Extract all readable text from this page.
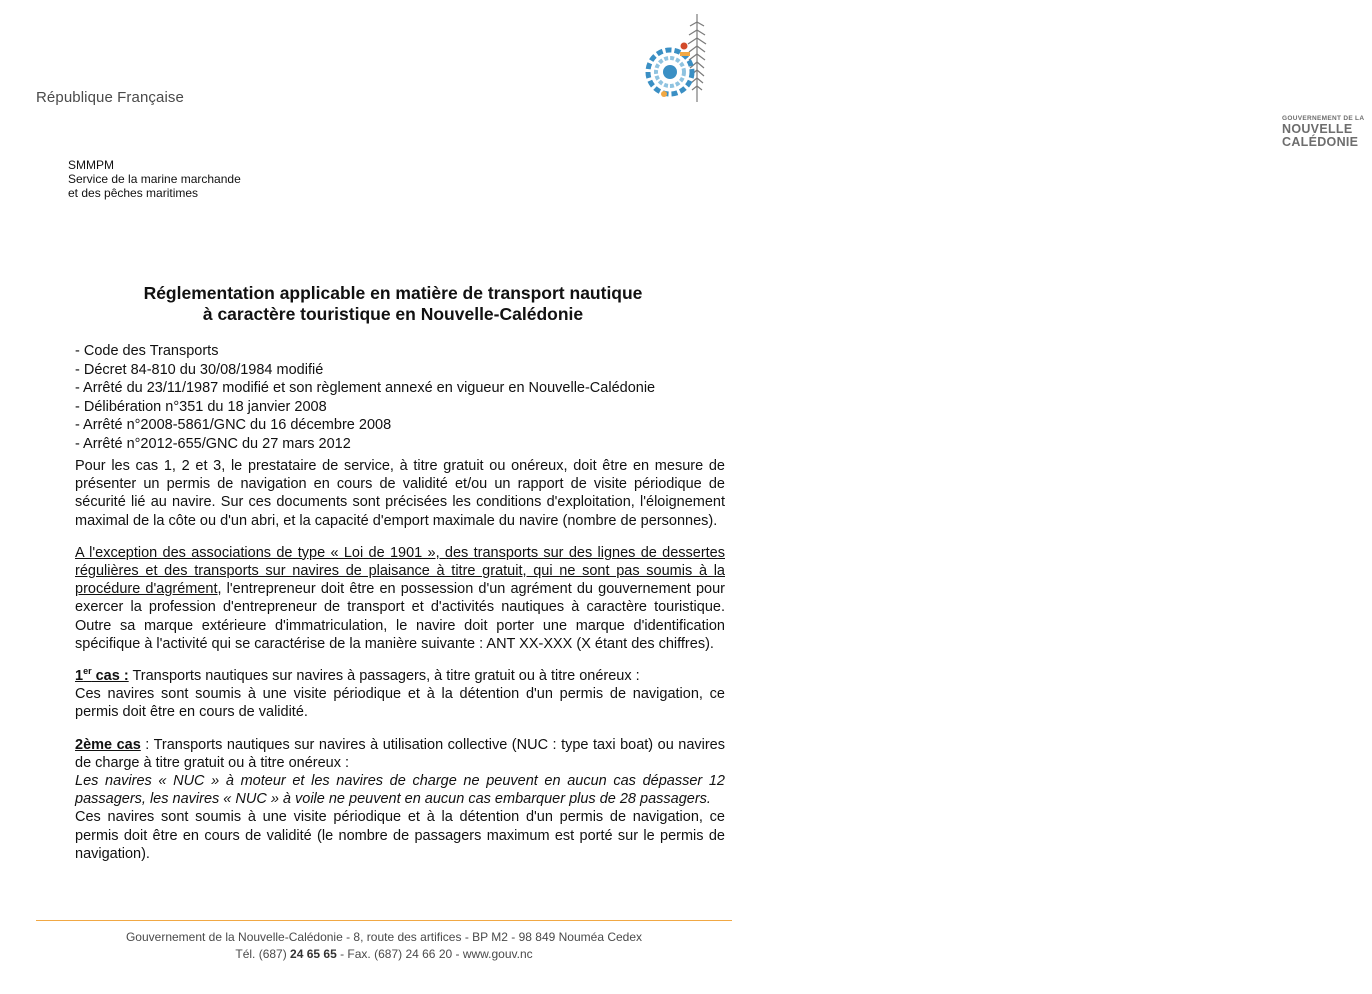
République Française
GOUVERNEMENT DE LA
NOUVELLE
CALÉDONIE
SMMPM
Service de la marine marchande
et des pêches maritimes
Réglementation applicable en matière de transport nautique
à caractère touristique en Nouvelle-Calédonie
- Code des Transports
- Décret 84-810 du 30/08/1984 modifié
- Arrêté du 23/11/1987 modifié et son règlement annexé en vigueur en Nouvelle-Calédonie
- Délibération n°351 du 18 janvier 2008
- Arrêté n°2008-5861/GNC du 16 décembre 2008
- Arrêté n°2012-655/GNC du 27 mars 2012

Pour les cas 1, 2 et 3, le prestataire de service, à titre gratuit ou onéreux, doit être en mesure de présenter un permis de navigation en cours de validité et/ou un rapport de visite périodique de sécurité lié au navire. Sur ces documents sont précisées les conditions d'exploitation, l'éloignement maximal de la côte ou d'un abri, et la capacité d'emport maximale du navire (nombre de personnes).

A l'exception des associations de type « Loi de 1901 », des transports sur des lignes de dessertes régulières et des transports sur navires de plaisance à titre gratuit, qui ne sont pas soumis à la procédure d'agrément, l'entrepreneur doit être en possession d'un agrément du gouvernement pour exercer la profession d'entrepreneur de transport et d'activités nautiques à caractère touristique. Outre sa marque extérieure d'immatriculation, le navire doit porter une marque d'identification spécifique à l'activité qui se caractérise de la manière suivante : ANT XX-XXX (X étant des chiffres).

1er cas : Transports nautiques sur navires à passagers, à titre gratuit ou à titre onéreux :
Ces navires sont soumis à une visite périodique et à la détention d'un permis de navigation, ce permis doit être en cours de validité.

2ème cas : Transports nautiques sur navires à utilisation collective (NUC : type taxi boat) ou navires de charge à titre gratuit ou à titre onéreux :
Les navires « NUC » à moteur et les navires de charge ne peuvent en aucun cas dépasser 12 passagers, les navires « NUC » à voile ne peuvent en aucun cas embarquer plus de 28 passagers.
Ces navires sont soumis à une visite périodique et à la détention d'un permis de navigation, ce permis doit être en cours de validité (le nombre de passagers maximum est porté sur le permis de navigation).

Gouvernement de la Nouvelle-Calédonie - 8, route des artifices - BP M2 - 98 849 Nouméa Cedex
Tél. (687) 24 65 65 - Fax. (687) 24 66 20 - www.gouv.nc
